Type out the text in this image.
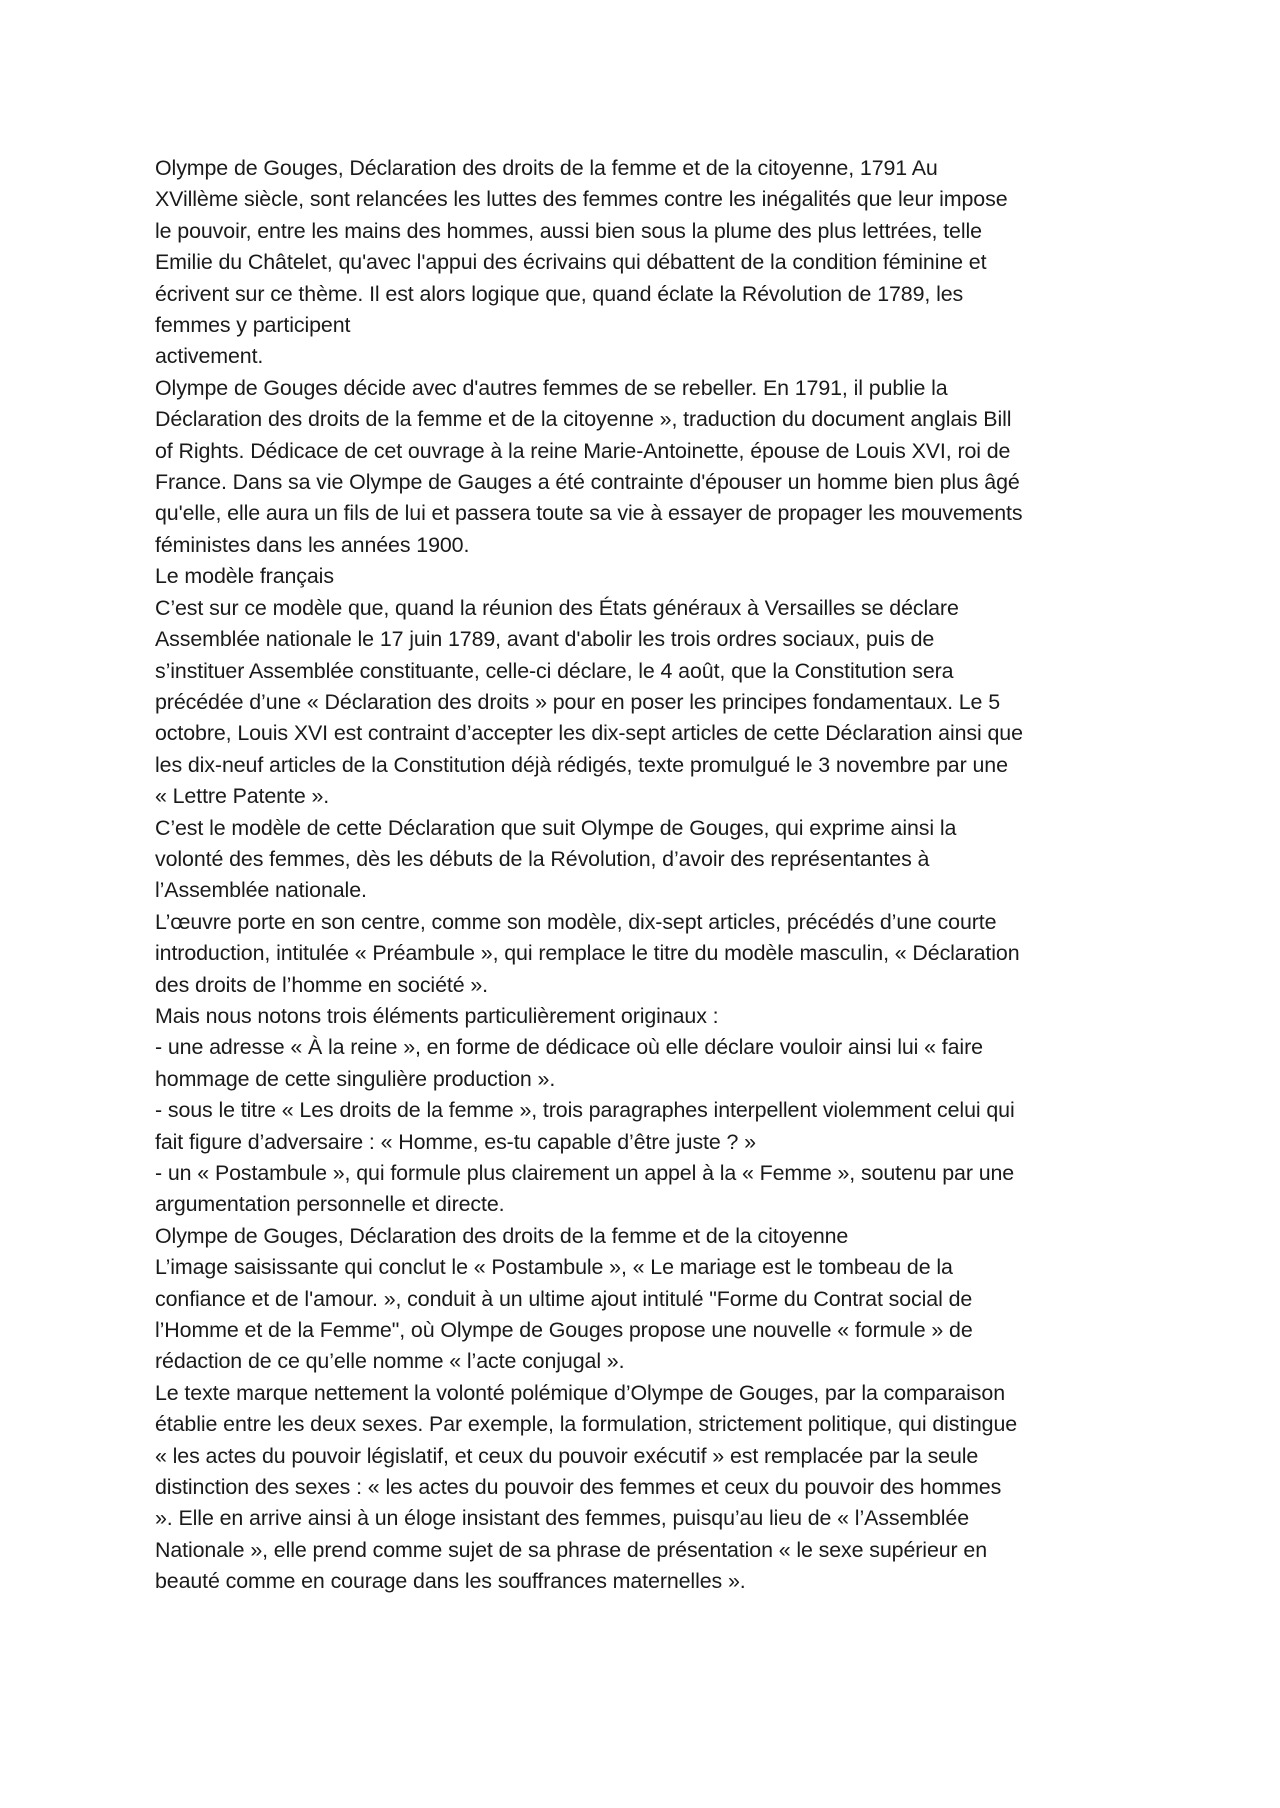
Olympe de Gouges, Déclaration des droits de la femme et de la citoyenne, 1791 Au
XVillème siècle, sont relancées les luttes des femmes contre les inégalités que leur impose
le pouvoir, entre les mains des hommes, aussi bien sous la plume des plus lettrées, telle
Emilie du Châtelet, qu'avec l'appui des écrivains qui débattent de la condition féminine et
écrivent sur ce thème. Il est alors logique que, quand éclate la Révolution de 1789, les
femmes y participent
activement.
Olympe de Gouges décide avec d'autres femmes de se rebeller. En 1791, il publie la
Déclaration des droits de la femme et de la citoyenne », traduction du document anglais Bill
of Rights. Dédicace de cet ouvrage à la reine Marie-Antoinette, épouse de Louis XVI, roi de
France. Dans sa vie Olympe de Gauges a été contrainte d'épouser un homme bien plus âgé
qu'elle, elle aura un fils de lui et passera toute sa vie à essayer de propager les mouvements
féministes dans les années 1900.
Le modèle français
C’est sur ce modèle que, quand la réunion des États généraux à Versailles se déclare
Assemblée nationale le 17 juin 1789, avant d'abolir les trois ordres sociaux, puis de
s’instituer Assemblée constituante, celle-ci déclare, le 4 août, que la Constitution sera
précédée d’une « Déclaration des droits » pour en poser les principes fondamentaux. Le 5
octobre, Louis XVI est contraint d’accepter les dix-sept articles de cette Déclaration ainsi que
les dix-neuf articles de la Constitution déjà rédigés, texte promulgué le 3 novembre par une
« Lettre Patente ».
C’est le modèle de cette Déclaration que suit Olympe de Gouges, qui exprime ainsi la
volonté des femmes, dès les débuts de la Révolution, d’avoir des représentantes à
l’Assemblée nationale.
L’œuvre porte en son centre, comme son modèle, dix-sept articles, précédés d’une courte
introduction, intitulée « Préambule », qui remplace le titre du modèle masculin, « Déclaration
des droits de l’homme en société ».
Mais nous notons trois éléments particulièrement originaux :
- une adresse « À la reine », en forme de dédicace où elle déclare vouloir ainsi lui « faire
hommage de cette singulière production ».
- sous le titre « Les droits de la femme », trois paragraphes interpellent violemment celui qui
fait figure d’adversaire : « Homme, es-tu capable d’être juste ? »
- un « Postambule », qui formule plus clairement un appel à la « Femme », soutenu par une
argumentation personnelle et directe.
Olympe de Gouges, Déclaration des droits de la femme et de la citoyenne
L’image saisissante qui conclut le « Postambule », « Le mariage est le tombeau de la
confiance et de l'amour. », conduit à un ultime ajout intitulé "Forme du Contrat social de
l’Homme et de la Femme", où Olympe de Gouges propose une nouvelle « formule » de
rédaction de ce qu’elle nomme « l’acte conjugal ».
Le texte marque nettement la volonté polémique d’Olympe de Gouges, par la comparaison
établie entre les deux sexes. Par exemple, la formulation, strictement politique, qui distingue
« les actes du pouvoir législatif, et ceux du pouvoir exécutif » est remplacée par la seule
distinction des sexes : « les actes du pouvoir des femmes et ceux du pouvoir des hommes
». Elle en arrive ainsi à un éloge insistant des femmes, puisqu’au lieu de « l’Assemblée
Nationale », elle prend comme sujet de sa phrase de présentation « le sexe supérieur en
beauté comme en courage dans les souffrances maternelles ».
